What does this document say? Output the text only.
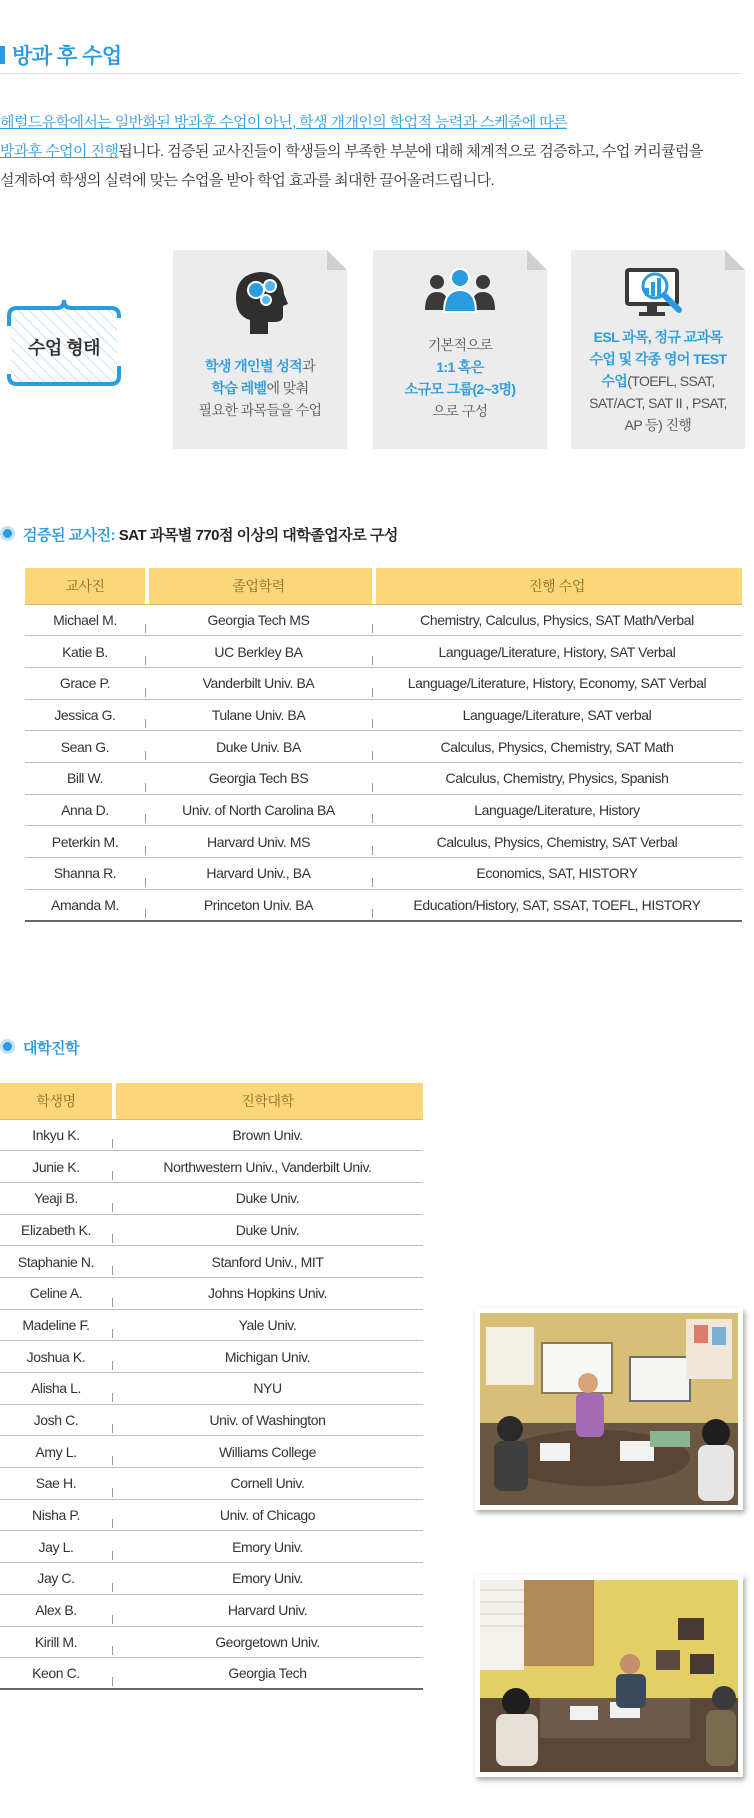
방과 후 수업

헤럴드유학에서는 일반화된 방과후 수업이 아닌, 학생 개개인의 학업적 능력과 스케줄에 따른

방과후 수업이 진행됩니다. 검증된 교사진들이 학생들의 부족한 부분에 대해 체계적으로 검증하고, 수업 커리큘럼을

설계하여 학생의 실력에 맞는 수업을 받아 학업 효과를 최대한 끌어올려드립니다.

수업 형태
학생 개인별 성적과
학습 레벨에 맞춰
필요한 과목들을 수업
기본적으로
1:1 혹은
소규모 그룹(2~3명)
으로 구성
ESL 과목, 정규 교과목
수업 및 각종 영어 TEST
수업(TOEFL, SSAT,
SAT/ACT, SAT II , PSAT,
AP 등) 진행
검증된 교사진: SAT 과목별 770점 이상의 대학졸업자로 구성
교사진	졸업학력	진행 수업
Michael M.	Georgia Tech MS	Chemistry, Calculus, Physics, SAT Math/Verbal
Katie B.	UC Berkley BA	Language/Literature, History, SAT Verbal
Grace P.	Vanderbilt Univ. BA	Language/Literature, History, Economy, SAT Verbal
Jessica G.	Tulane Univ. BA	Language/Literature, SAT verbal
Sean G.	Duke Univ. BA	Calculus, Physics, Chemistry, SAT Math
Bill W.	Georgia Tech BS	Calculus, Chemistry, Physics, Spanish
Anna D.	Univ. of North Carolina BA	Language/Literature, History
Peterkin M.	Harvard Univ. MS	Calculus, Physics, Chemistry, SAT Verbal
Shanna R.	Harvard Univ., BA	Economics, SAT, HISTORY
Amanda M.	Princeton Univ. BA	Education/History, SAT, SSAT, TOEFL, HISTORY
대학진학
학생명	진학대학
Inkyu K.	Brown Univ.
Junie K.	Northwestern Univ., Vanderbilt Univ.
Yeaji B.	Duke Univ.
Elizabeth K.	Duke Univ.
Staphanie N.	Stanford Univ., MIT
Celine A.	Johns Hopkins Univ.
Madeline F.	Yale Univ.
Joshua K.	Michigan Univ.
Alisha L.	NYU
Josh C.	Univ. of Washington
Amy L.	Williams College
Sae H.	Cornell Univ.
Nisha P.	Univ. of Chicago
Jay L.	Emory Univ.
Jay C.	Emory Univ.
Alex B.	Harvard Univ.
Kirill M.	Georgetown Univ.
Keon C.	Georgia Tech
